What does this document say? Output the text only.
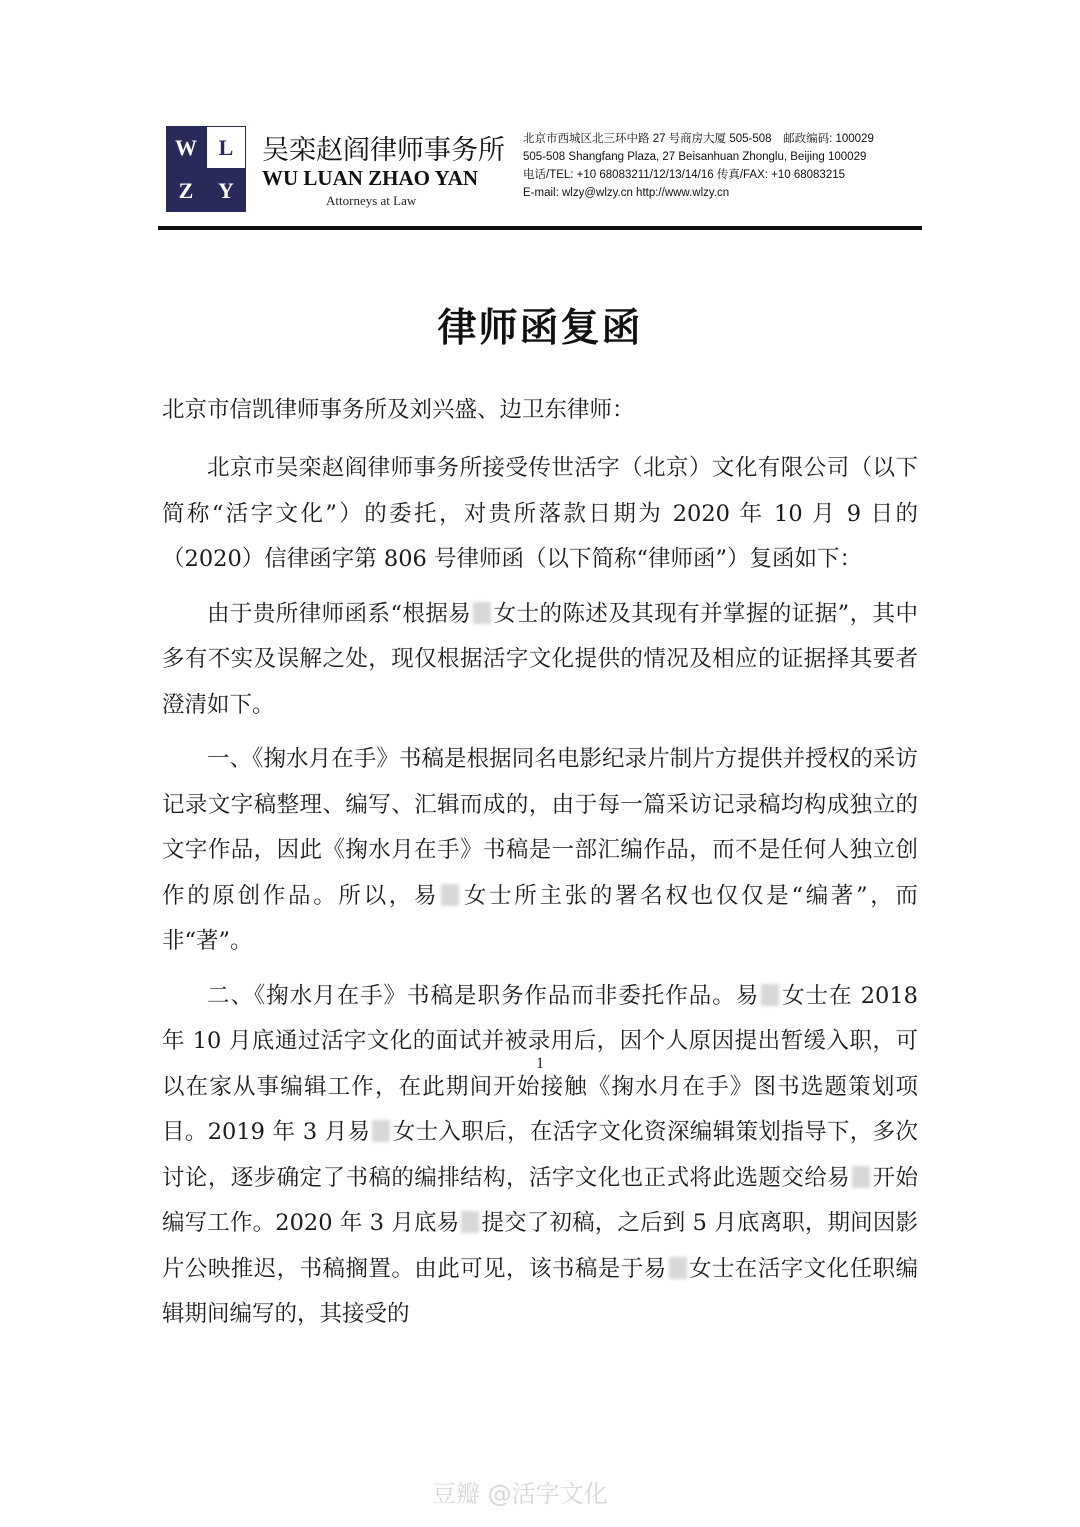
W L
Z	Y
吴栾赵阎律师事务所
WU LUAN ZHAO YAN
Attorneys at Law
北京市西城区北三环中路 27 号商房大厦 505-508　邮政编码: 100029
505-508 Shangfang Plaza, 27 Beisanhuan Zhonglu, Beijing 100029
电话/TEL: +10 68083211/12/13/14/16 传真/FAX: +10 68083215
E-mail: wlzy@wlzy.cn http://www.wlzy.cn
律师函复函
北京市信凯律师事务所及刘兴盛、边卫东律师：

北京市吴栾赵阎律师事务所接受传世活字（北京）文化有限公司（以下简称“活字文化”）的委托，对贵所落款日期为 2020 年 10 月 9 日的（2020）信律函字第 806 号律师函（以下简称“律师函”）复函如下：

由于贵所律师函系“根据易 女士的陈述及其现有并掌握的证据”，其中多有不实及误解之处，现仅根据活字文化提供的情况及相应的证据择其要者澄清如下。

一、《掬水月在手》书稿是根据同名电影纪录片制片方提供并授权的采访记录文字稿整理、编写、汇辑而成的，由于每一篇采访记录稿均构成独立的文字作品，因此《掬水月在手》书稿是一部汇编作品，而不是任何人独立创作的原创作品。所以，易 女士所主张的署名权也仅仅是“编著”，而非“著”。

二、《掬水月在手》书稿是职务作品而非委托作品。易 女士在 2018 年 10 月底通过活字文化的面试并被录用后，因个人原因提出暂缓入职，可以在家从事编辑工作，在此期间开始接触《掬水月在手》图书选题策划项目。2019 年 3 月易 女士入职后，在活字文化资深编辑策划指导下，多次讨论，逐步确定了书稿的编排结构，活字文化也正式将此选题交给易 开始编写工作。2020 年 3 月底易 提交了初稿，之后到 5 月底离职，期间因影片公映推迟，书稿搁置。由此可见，该书稿是于易 女士在活字文化任职编辑期间编写的，其接受的

1
豆瓣 @活字文化
